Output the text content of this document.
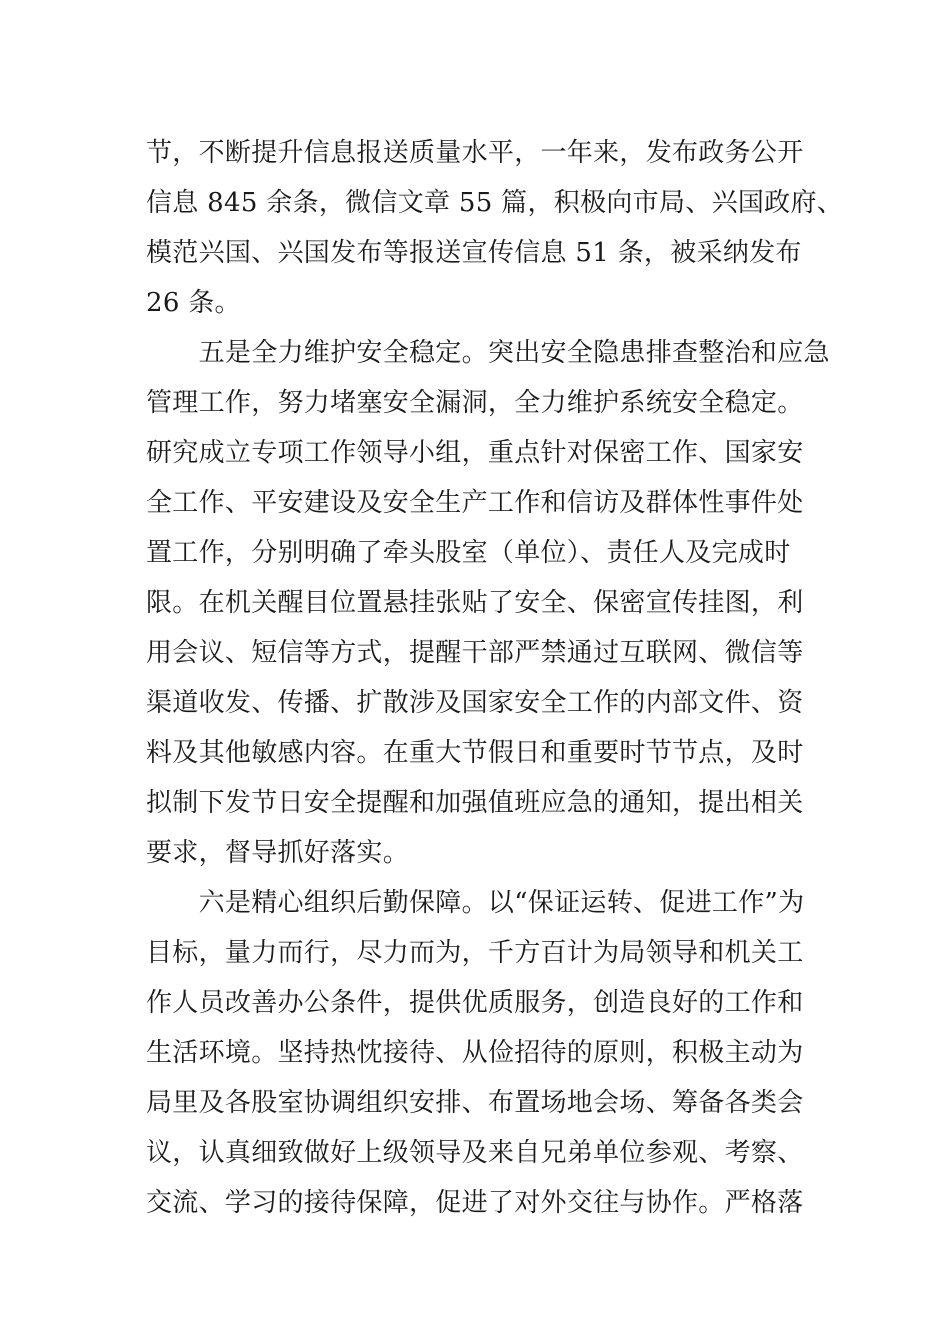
节，不断提升信息报送质量水平，一年来，发布政务公开
信息 845 余条，微信文章 55 篇，积极向市局、兴国政府、
模范兴国、兴国发布等报送宣传信息 51 条，被采纳发布
26 条。
　　五是全力维护安全稳定。突出安全隐患排查整治和应急
管理工作，努力堵塞安全漏洞，全力维护系统安全稳定。
研究成立专项工作领导小组，重点针对保密工作、国家安
全工作、平安建设及安全生产工作和信访及群体性事件处
置工作，分别明确了牵头股室（单位）、责任人及完成时
限。在机关醒目位置悬挂张贴了安全、保密宣传挂图，利
用会议、短信等方式，提醒干部严禁通过互联网、微信等
渠道收发、传播、扩散涉及国家安全工作的内部文件、资
料及其他敏感内容。在重大节假日和重要时节节点，及时
拟制下发节日安全提醒和加强值班应急的通知，提出相关
要求，督导抓好落实。
　　六是精心组织后勤保障。以“保证运转、促进工作”为
目标，量力而行，尽力而为，千方百计为局领导和机关工
作人员改善办公条件，提供优质服务，创造良好的工作和
生活环境。坚持热忱接待、从俭招待的原则，积极主动为
局里及各股室协调组织安排、布置场地会场、筹备各类会
议，认真细致做好上级领导及来自兄弟单位参观、考察、
交流、学习的接待保障，促进了对外交往与协作。严格落
